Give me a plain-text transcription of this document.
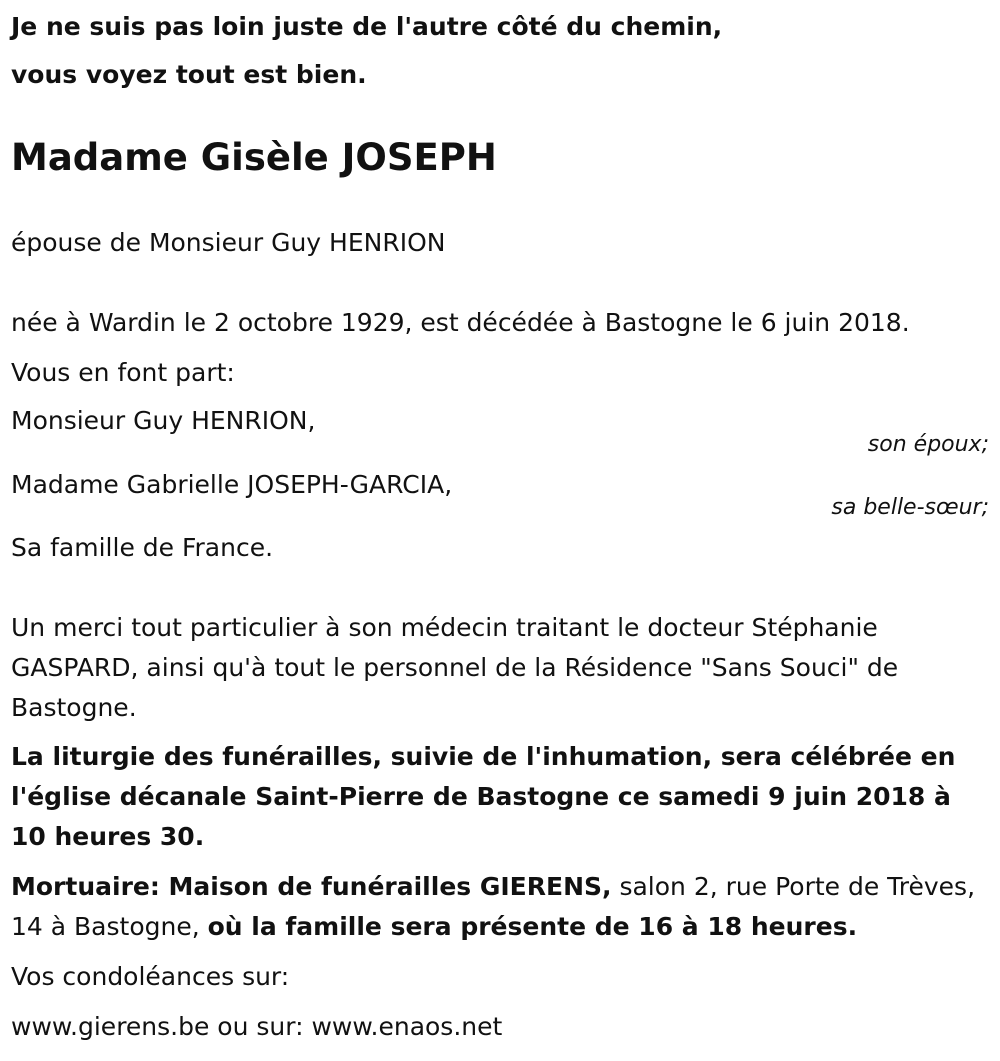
Je ne suis pas loin juste de l'autre côté du chemin,
vous voyez tout est bien.
Madame Gisèle JOSEPH
épouse de Monsieur Guy HENRION
née à Wardin le 2 octobre 1929, est décédée à Bastogne le 6 juin 2018.
Vous en font part:
Monsieur Guy HENRION,
son époux;
Madame Gabrielle JOSEPH-GARCIA,
sa belle-sœur;
Sa famille de France.
Un merci tout particulier à son médecin traitant le docteur Stéphanie GASPARD, ainsi qu'à tout le personnel de la Résidence "Sans Souci" de Bastogne.
La liturgie des funérailles, suivie de l'inhumation, sera célébrée en l'église décanale Saint-Pierre de Bastogne ce samedi 9 juin 2018 à 10 heures 30.
Mortuaire: Maison de funérailles GIERENS, salon 2, rue Porte de Trèves, 14 à Bastogne, où la famille sera présente de 16 à 18 heures.
Vos condoléances sur:
www.gierens.be ou sur: www.enaos.net
